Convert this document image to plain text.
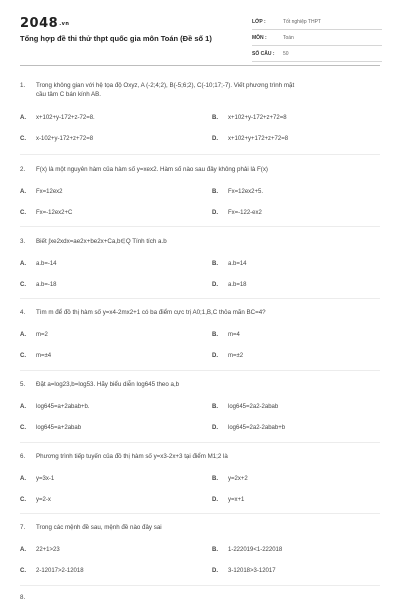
2048.vn
Tổng hợp đề thi thử thpt quốc gia môn Toán (Đề số 1)
LỚP :	Tốt nghiệp THPT
MÔN :	Toán
SỐ CÂU :	50
1.	Trong không gian với hệ tọa độ Oxyz, A (-2;4;2), B(-5;6;2), C(-10;17;-7). Viết phương trình mặt
cầu tâm C bán kính AB.
A.	x+102+y-172+z-72=8.	B.	x+102+y-172+z+72=8
C.	x-102+y-172+z+72=8	D.	x+102+y+172+z+72=8
2.	F(x) là một nguyên hàm của hàm số y=xex2. Hàm số nào sau đây không phải là F(x)
A.	Fx=12ex2	B.	Fx=12ex2+5.
C.	Fx=-12ex2+C	D.	Fx=-122-ex2
3.	Biết ∫xe2xdx=ae2x+be2x+Ca,b∈Q Tính tích a.b
A.	a.b=-14	B.	a.b=14
C.	a.b=-18	D.	a.b=18
4.	Tìm m để đồ thị hàm số y=x4-2mx2+1 có ba điểm cực trị A0;1,B,C thỏa mãn BC=4?
A.	m=2	B.	m=4
C.	m=±4	D.	m=±2
5.	Đặt a=log23,b=log53. Hãy biểu diễn log645 theo a,b
A.	log645=a+2abab+b.	B.	log645=2a2-2abab
C.	log645=a+2abab	D.	log645=2a2-2abab+b
6.	Phương trình tiếp tuyến của đồ thị hàm số y=x3-2x+3 tại điểm M1;2 là
A.	y=3x-1	B.	y=2x+2
C.	y=2-x	D.	y=x+1
7.	Trong các mệnh đề sau, mệnh đề nào đây sai
A.	22+1>23	B.	1-222019<1-222018
C.	2-12017>2-12018	D.	3-12018>3-12017
8.
